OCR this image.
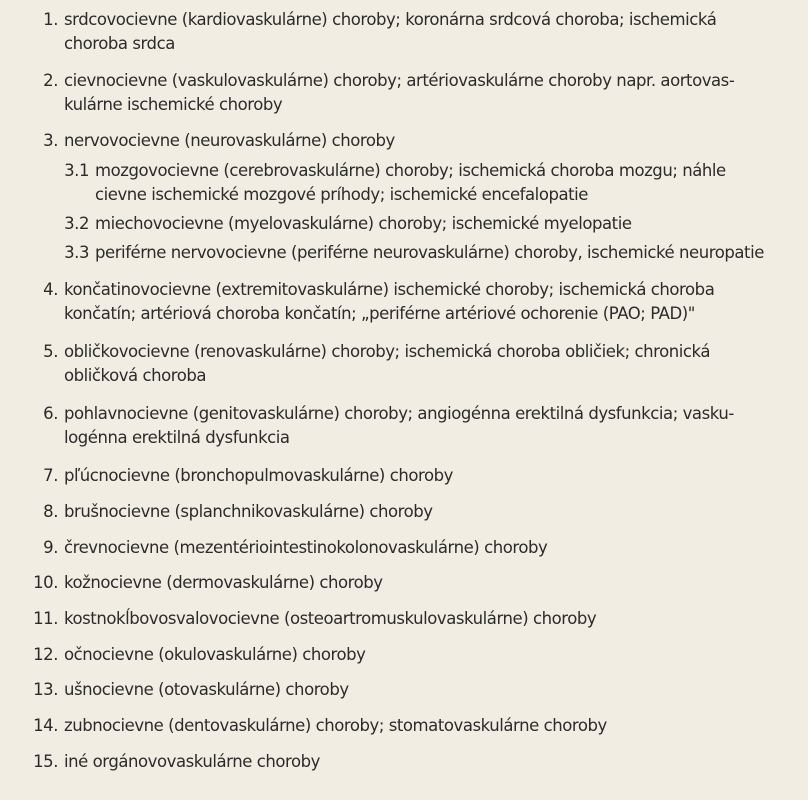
1. srdcovocievne (kardiovaskulárne) choroby; koronárna srdcová choroba; ischemická
choroba srdca
2. cievnocievne (vaskulovaskulárne) choroby; artériovaskulárne choroby napr. aortovas-
kulárne ischemické choroby
3. nervovocievne (neurovaskulárne) choroby
3.1 mozgovocievne (cerebrovaskulárne) choroby; ischemická choroba mozgu; náhle
cievne ischemické mozgové príhody; ischemické encefalopatie
3.2 miechovocievne (myelovaskulárne) choroby; ischemické myelopatie
3.3 periférne nervovocievne (periférne neurovaskulárne) choroby, ischemické neuropatie
4. končatinovocievne (extremitovaskulárne) ischemické choroby; ischemická choroba
končatín; artériová choroba končatín; „periférne artériové ochorenie (PAO; PAD)"
5. obličkovocievne (renovaskulárne) choroby; ischemická choroba obličiek; chronická
obličková choroba
6. pohlavnocievne (genitovaskulárne) choroby; angiogénna erektilná dysfunkcia; vasku-
logénna erektilná dysfunkcia
7. pľúcnocievne (bronchopulmovaskulárne) choroby
8. brušnocievne (splanchnikovaskulárne) choroby
9. črevnocievne (mezentériointestinokolonovaskulárne) choroby
10. kožnocievne (dermovaskulárne) choroby
11. kostnokĺbovosvalovocievne (osteoartromuskulovaskulárne) choroby
12. očnocievne (okulovaskulárne) choroby
13. ušnocievne (otovaskulárne) choroby
14. zubnocievne (dentovaskulárne) choroby; stomatovaskulárne choroby
15. iné orgánovovaskulárne choroby
